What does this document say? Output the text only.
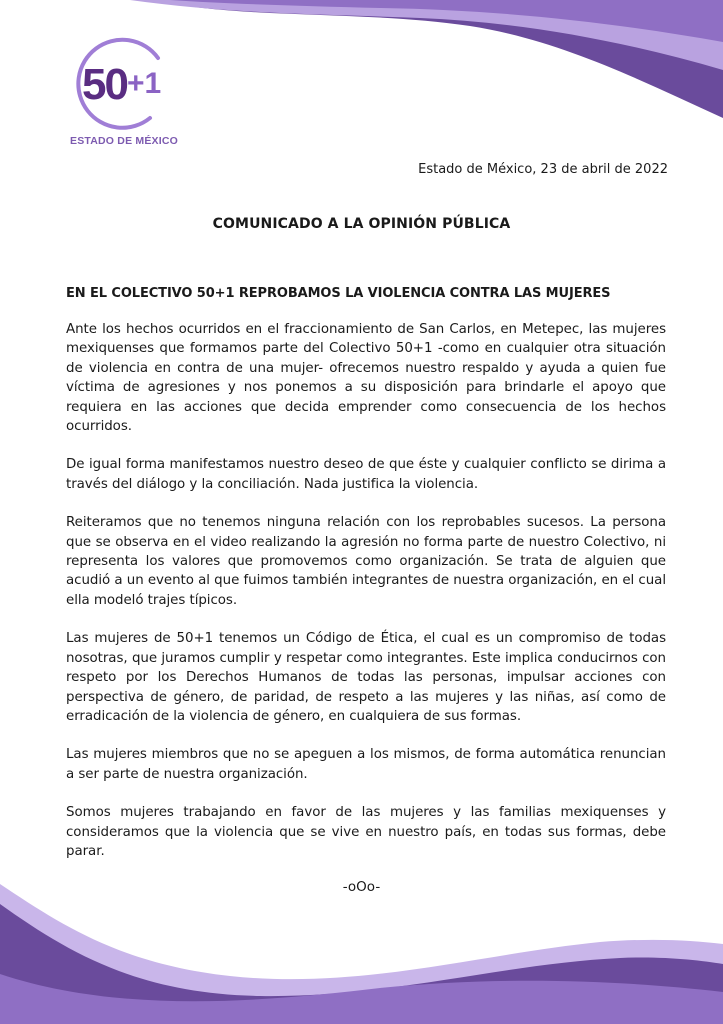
50+1
ESTADO DE MÉXICO
Estado de México, 23 de abril de 2022
COMUNICADO A LA OPINIÓN PÚBLICA
EN EL COLECTIVO 50+1 REPROBAMOS LA VIOLENCIA CONTRA LAS MUJERES

Ante los hechos ocurridos en el fraccionamiento de San Carlos, en Metepec, las mujeres mexiquenses que formamos parte del Colectivo 50+1 -como en cualquier otra situación de violencia en contra de una mujer- ofrecemos nuestro respaldo y ayuda a quien fue víctima de agresiones y nos ponemos a su disposición para brindarle el apoyo que requiera en las acciones que decida emprender como consecuencia de los hechos ocurridos.

De igual forma manifestamos nuestro deseo de que éste y cualquier conflicto se dirima a través del diálogo y la conciliación. Nada justifica la violencia.

Reiteramos que no tenemos ninguna relación con los reprobables sucesos. La persona que se observa en el video realizando la agresión no forma parte de nuestro Colectivo, ni representa los valores que promovemos como organización. Se trata de alguien que acudió a un evento al que fuimos también integrantes de nuestra organización, en el cual ella modeló trajes típicos.

Las mujeres de 50+1 tenemos un Código de Ética, el cual es un compromiso de todas nosotras, que juramos cumplir y respetar como integrantes. Este implica conducirnos con respeto por los Derechos Humanos de todas las personas, impulsar acciones con perspectiva de género, de paridad, de respeto a las mujeres y las niñas, así como de erradicación de la violencia de género, en cualquiera de sus formas.

Las mujeres miembros que no se apeguen a los mismos, de forma automática renuncian a ser parte de nuestra organización.

Somos mujeres trabajando en favor de las mujeres y las familias mexiquenses y consideramos que la violencia que se vive en nuestro país, en todas sus formas, debe parar.

-oOo-
